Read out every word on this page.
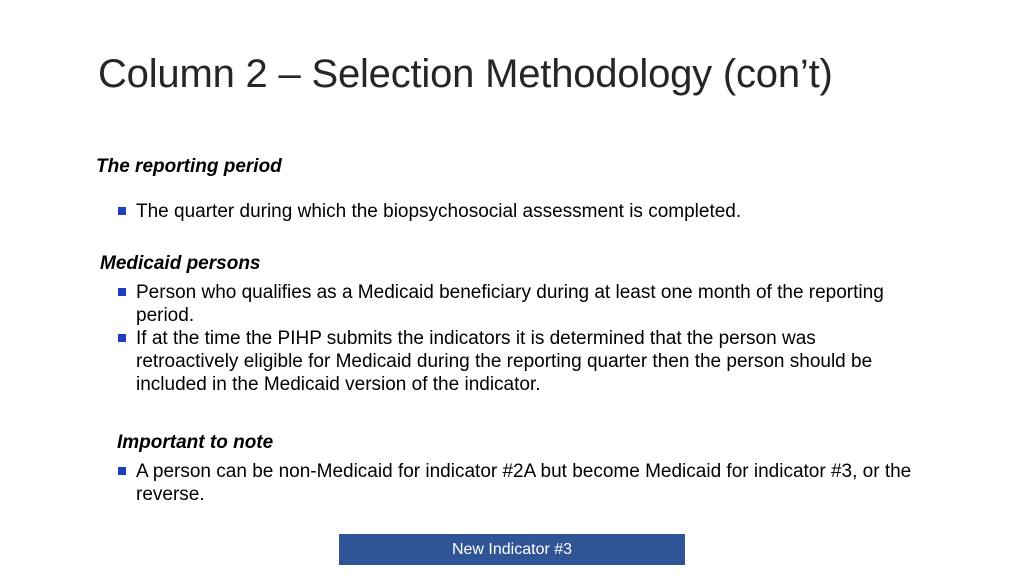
Column 2 – Selection Methodology (con’t)
The reporting period
The quarter during which the biopsychosocial assessment is completed.
Medicaid persons
Person who qualifies as a Medicaid beneficiary during at least one month of the reporting period.
If at the time the PIHP submits the indicators it is determined that the person was retroactively eligible for Medicaid during the reporting quarter then the person should be included in the Medicaid version of the indicator.
Important to note
A person can be non-Medicaid for indicator #2A but become Medicaid for indicator #3, or the reverse.
New Indicator #3
